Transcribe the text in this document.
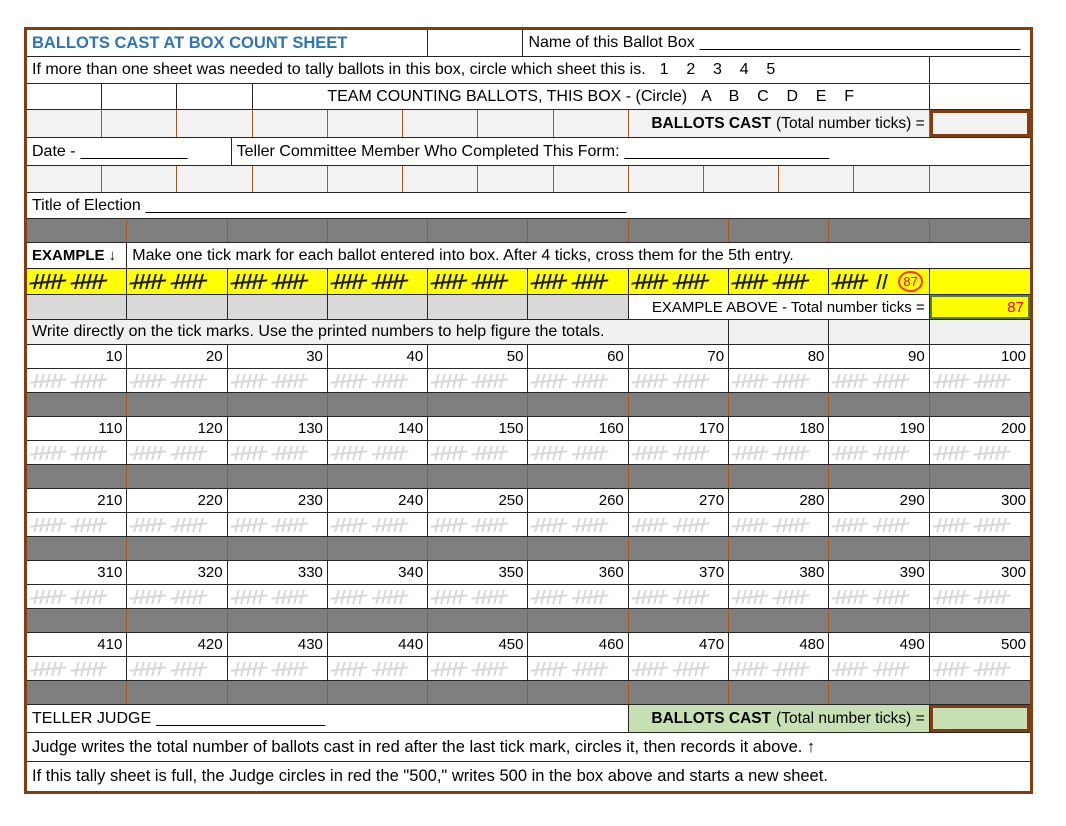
BALLOTS CAST AT BOX COUNT SHEET	Name of this Ballot Box ____________________________________
If more than one sheet was needed to tally ballots in this box, circle which sheet this is. 1    2    3    4    5
TEAM COUNTING BALLOTS, THIS BOX - (Circle) A    B    C    D    E    F
BALLOTS CAST (Total number ticks) =
Date - ____________	Teller Committee Member Who Completed This Form: _______________________
Title of Election ______________________________________________________
EXAMPLE ↓ Make one tick mark for each ballot entered into box. After 4 ticks, cross them for the 5th entry.
87
EXAMPLE ABOVE - Total number ticks =	87
Write directly on the tick marks. Use the printed numbers to help figure the totals.
10	20	30	40	50	60	70	80	90	100
110	120	130	140	150	160	170	180	190	200
210	220	230	240	250	260	270	280	290	300
310	320	330	340	350	360	370	380	390	300
410	420	430	440	450	460	470	480	490	500
TELLER JUDGE ___________________	BALLOTS CAST (Total number ticks) =
Judge writes the total number of ballots cast in red after the last tick mark, circles it, then records it above. ↑
If this tally sheet is full, the Judge circles in red the "500," writes 500 in the box above and starts a new sheet.
